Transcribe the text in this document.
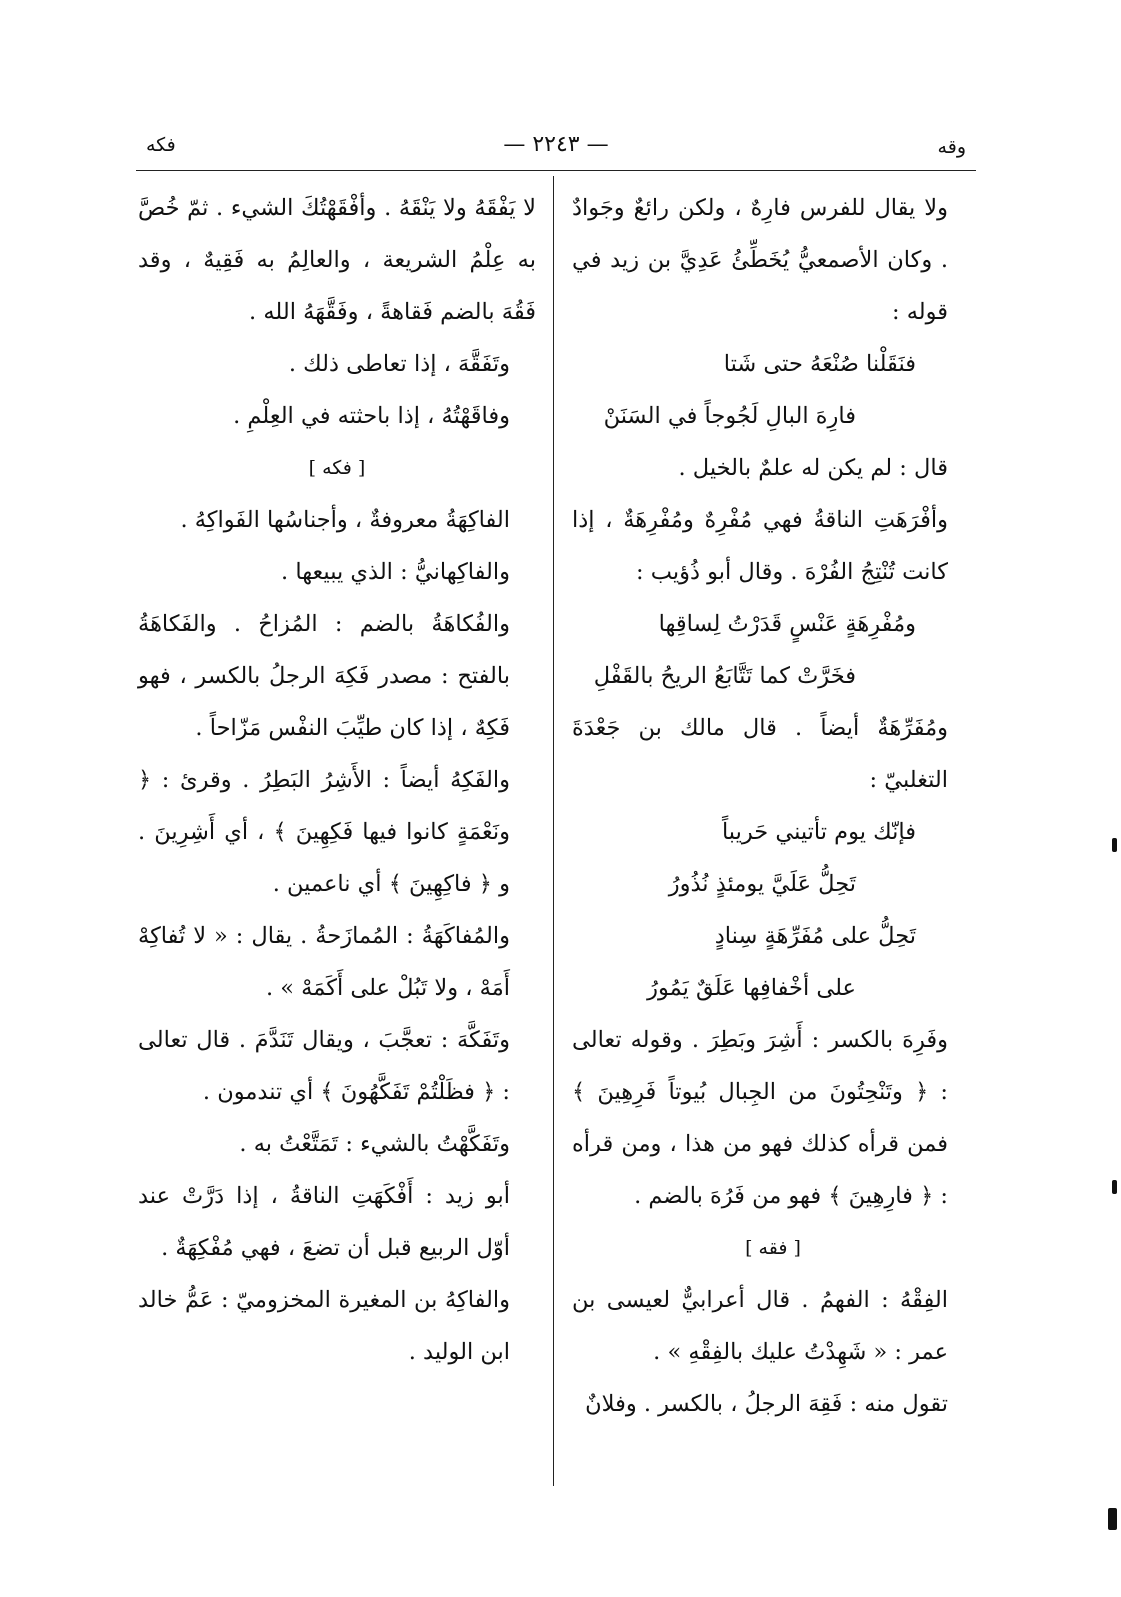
فكه	— ٢٢٤٣ —	وقه

ولا يقال للفرس فارِهٌ ، ولكن رائعٌ وجَوادٌ . وكان الأصمعيُّ يُخَطِّئُ عَدِيَّ بن زيد في قوله :

فنَقَلْنا صُنْعَهُ حتى شَتا

فارِهَ البالِ لَجُوجاً في السَنَنْ

قال : لم يكن له علمٌ بالخيل .

وأفْرَهَتِ الناقةُ فهي مُفْرِهٌ ومُفْرِهَةٌ ، إذا كانت تُنْتِجُ الفُرْهَ . وقال أبو ذُؤيب :

ومُفْرِهَةٍ عَنْسٍ قَدَرْتُ لِساقِها

فخَرَّتْ كما تَتَّابَعُ الريحُ بالقَفْلِ

ومُفَرِّهَةٌ أيضاً . قال مالك بن جَعْدَةَ التغلبيّ :

فإنّك يوم تأتيني حَريباً

تَحِلُّ عَلَيَّ يومئذٍ نُذُورُ

تَحِلُّ على مُفَرِّهَةٍ سِنادٍ

على أخْفافِها عَلَقٌ يَمُورُ

وفَرِهَ بالكسر : أَشِرَ وبَطِرَ . وقوله تعالى : ﴿ وتَنْحِتُونَ من الجِبال بُيوتاً فَرِهِينَ ﴾ فمن قرأه كذلك فهو من هذا ، ومن قرأه : ﴿ فارِهِينَ ﴾ فهو من فَرُهَ بالضم .

[ فقه ]

الفِقْهُ : الفهمُ . قال أعرابيٌّ لعيسى بن عمر : « شَهِدْتُ عليك بالفِقْهِ » .

تقول منه : فَقِهَ الرجلُ ، بالكسر . وفلانٌ

لا يَفْقَهُ ولا يَنْقَهُ . وأفْقَهْتُكَ الشيء . ثمّ خُصَّ به عِلْمُ الشريعة ، والعالِمُ به فَقِيهٌ ، وقد فَقُهَ بالضم فَقاهةً ، وفَقَّهَهُ الله .

وتَفَقَّهَ ، إذا تعاطى ذلك .

وفاقَهْتُهُ ، إذا باحثته في العِلْمِ .

[ فكه ]

الفاكِهَةُ معروفةٌ ، وأجناسُها الفَواكِهُ .

والفاكِهانيُّ : الذي يبيعها .

والفُكاهَةُ بالضم : المُزاحُ . والفَكاهَةُ بالفتح : مصدر فَكِهَ الرجلُ بالكسر ، فهو فَكِهٌ ، إذا كان طيِّبَ النفْس مَزّاحاً .

والفَكِهُ أيضاً : الأَشِرُ البَطِرُ . وقرئ : ﴿ ونَعْمَةٍ كانوا فيها فَكِهِينَ ﴾ ، أي أَشِرِينَ . و ﴿ فاكِهِينَ ﴾ أي ناعمين .

والمُفاكَهَةُ : المُمازَحةُ . يقال : « لا تُفاكِهْ أَمَهْ ، ولا تَبُلْ على أَكَمَهْ » .

وتَفَكَّهَ : تعجَّبَ ، ويقال تَنَدَّمَ . قال تعالى : ﴿ فظَلْتُمْ تَفَكَّهُونَ ﴾ أي تندمون .

وتَفَكَّهْتُ بالشيء : تَمَتَّعْتُ به .

أبو زيد : أَفْكَهَتِ الناقةُ ، إذا دَرَّتْ عند أوّل الربيع قبل أن تضعَ ، فهي مُفْكِهَةٌ .

والفاكِهُ بن المغيرة المخزوميّ : عَمُّ خالد ابن الوليد .
